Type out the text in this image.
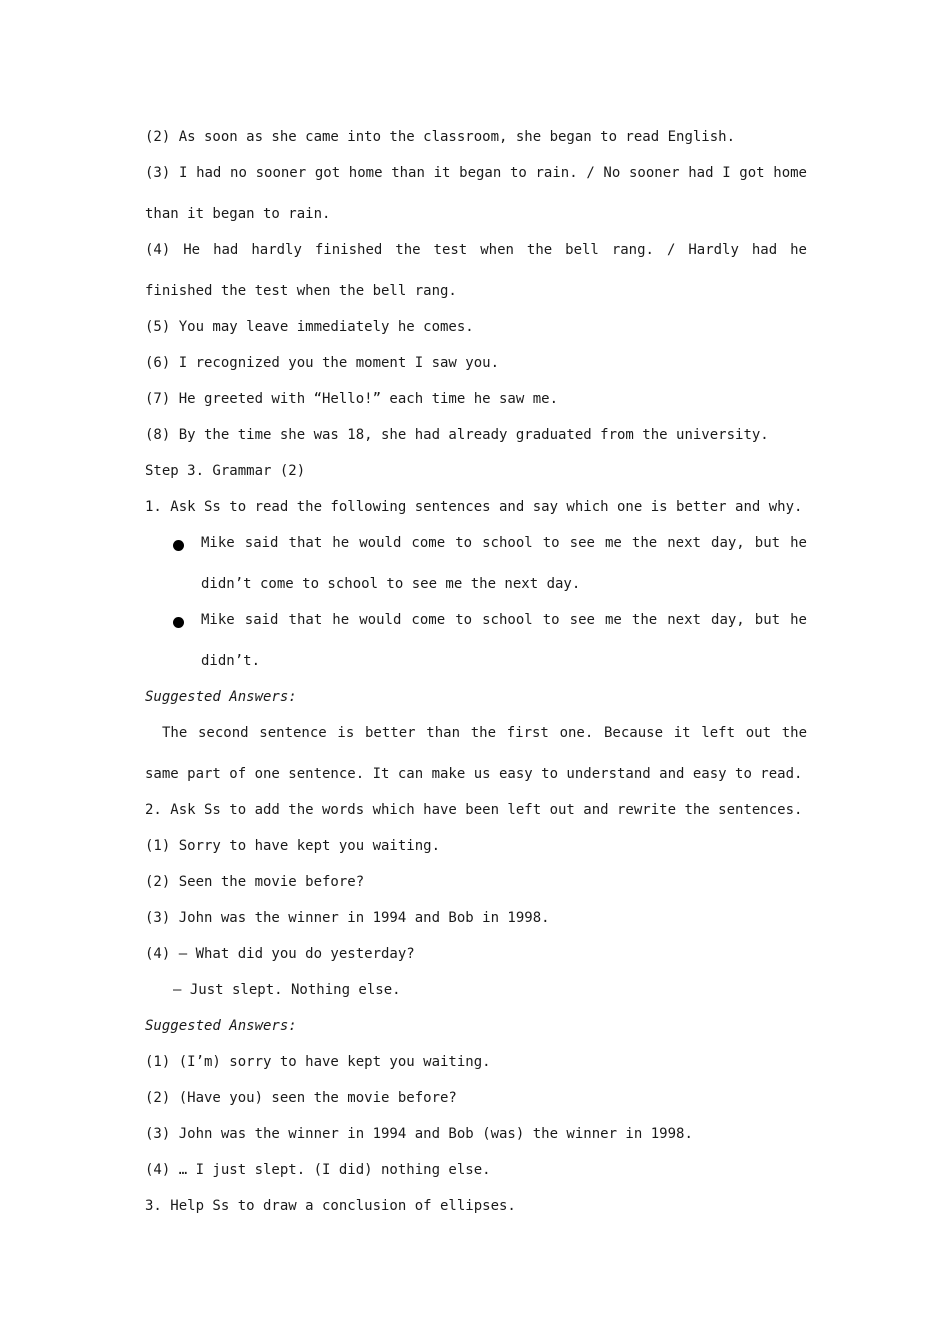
(2) As soon as she came into the classroom, she began to read English.
(3) I had no sooner got home than it began to rain. / No sooner had I got home
than it began to rain.
(4) He had hardly finished the test when the bell rang. / Hardly had he
finished the test when the bell rang.
(5) You may leave immediately he comes.
(6) I recognized you the moment I saw you.
(7) He greeted with “Hello!” each time he saw me.
(8) By the time she was 18, she had already graduated from the university.
Step 3. Grammar (2)
1. Ask Ss to read the following sentences and say which one is better and why.
Mike said that he would come to school to see me the next day, but he
didn’t come to school to see me the next day.
Mike said that he would come to school to see me the next day, but he
didn’t.
Suggested Answers:
The second sentence is better than the first one. Because it left out the
same part of one sentence. It can make us easy to understand and easy to read.
2. Ask Ss to add the words which have been left out and rewrite the sentences.
(1) Sorry to have kept you waiting.
(2) Seen the movie before?
(3) John was the winner in 1994 and Bob in 1998.
(4) – What did you do yesterday?
– Just slept. Nothing else.
Suggested Answers:
(1) (I’m) sorry to have kept you waiting.
(2) (Have you) seen the movie before?
(3) John was the winner in 1994 and Bob (was) the winner in 1998.
(4) … I just slept. (I did) nothing else.
3. Help Ss to draw a conclusion of ellipses.
